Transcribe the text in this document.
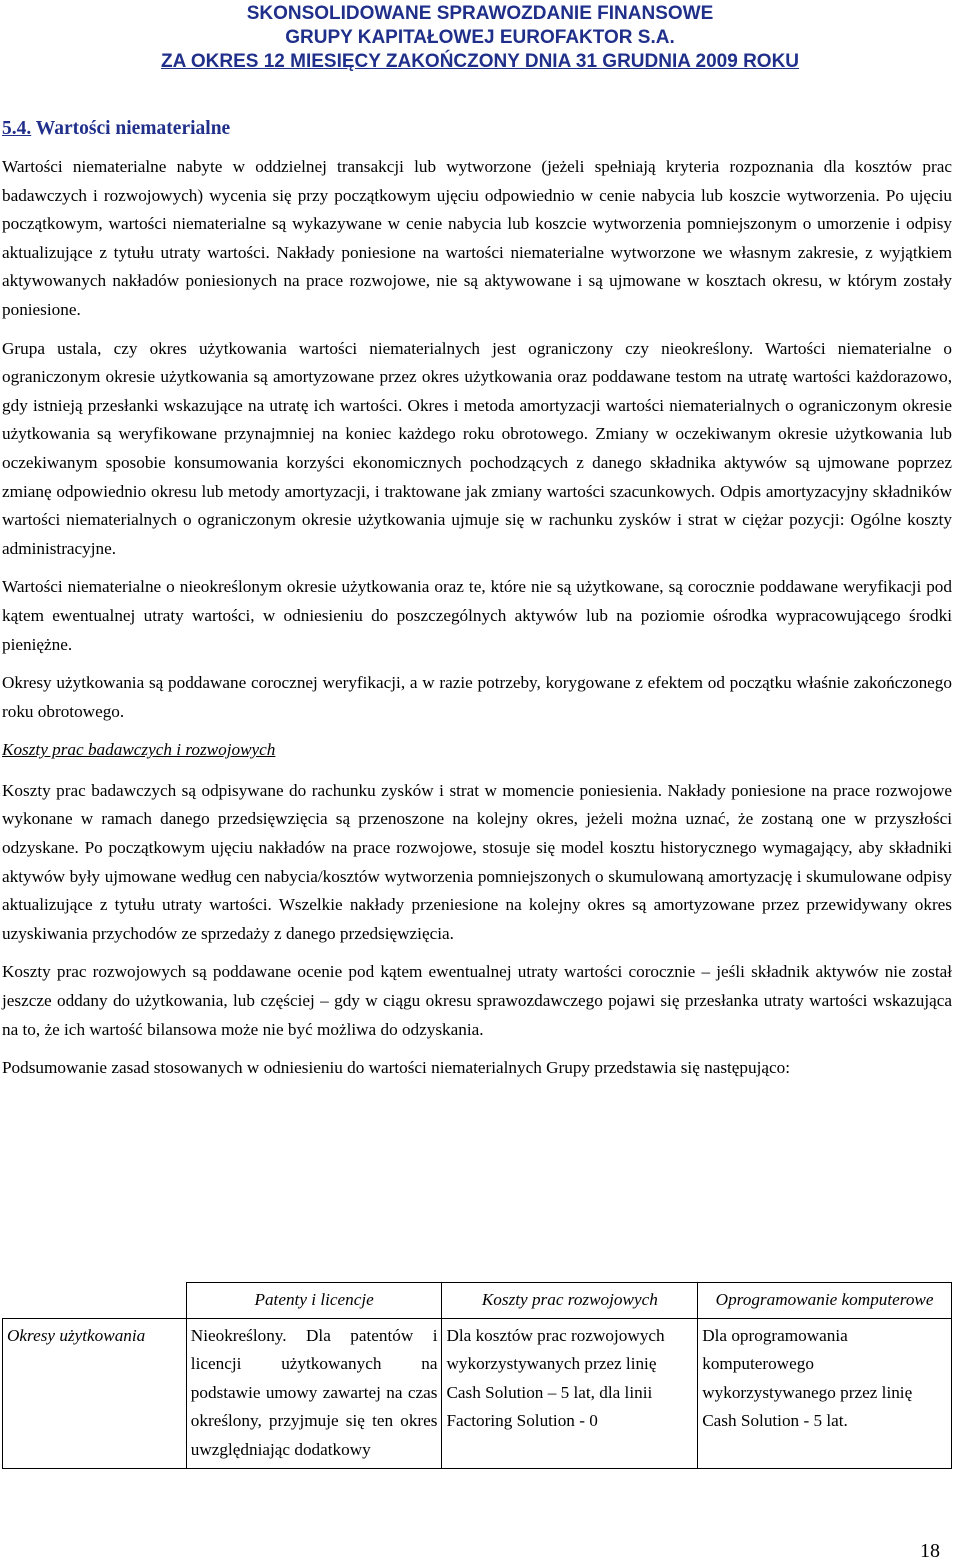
SKONSOLIDOWANE SPRAWOZDANIE FINANSOWE
GRUPY KAPITAŁOWEJ EUROFAKTOR S.A.
ZA OKRES 12 MIESIĘCY ZAKOŃCZONY DNIA 31 GRUDNIA 2009 ROKU
5.4. Wartości niematerialne

Wartości niematerialne nabyte w oddzielnej transakcji lub wytworzone (jeżeli spełniają kryteria rozpoznania dla kosztów prac badawczych i rozwojowych) wycenia się przy początkowym ujęciu odpowiednio w cenie nabycia lub koszcie wytworzenia. Po ujęciu początkowym, wartości niematerialne są wykazywane w cenie nabycia lub koszcie wytworzenia pomniejszonym o umorzenie i odpisy aktualizujące z tytułu utraty wartości. Nakłady poniesione na wartości niematerialne wytworzone we własnym zakresie, z wyjątkiem aktywowanych nakładów poniesionych na prace rozwojowe, nie są aktywowane i są ujmowane w kosztach okresu, w którym zostały poniesione.

Grupa ustala, czy okres użytkowania wartości niematerialnych jest ograniczony czy nieokreślony. Wartości niematerialne o ograniczonym okresie użytkowania są amortyzowane przez okres użytkowania oraz poddawane testom na utratę wartości każdorazowo, gdy istnieją przesłanki wskazujące na utratę ich wartości. Okres i metoda amortyzacji wartości niematerialnych o ograniczonym okresie użytkowania są weryfikowane przynajmniej na koniec każdego roku obrotowego. Zmiany w oczekiwanym okresie użytkowania lub oczekiwanym sposobie konsumowania korzyści ekonomicznych pochodzących z danego składnika aktywów są ujmowane poprzez zmianę odpowiednio okresu lub metody amortyzacji, i traktowane jak zmiany wartości szacunkowych. Odpis amortyzacyjny składników wartości niematerialnych o ograniczonym okresie użytkowania ujmuje się w rachunku zysków i strat w ciężar pozycji: Ogólne koszty administracyjne.

Wartości niematerialne o nieokreślonym okresie użytkowania oraz te, które nie są użytkowane, są corocznie poddawane weryfikacji pod kątem ewentualnej utraty wartości, w odniesieniu do poszczególnych aktywów lub na poziomie ośrodka wypracowującego środki pieniężne.

Okresy użytkowania są poddawane corocznej weryfikacji, a w razie potrzeby, korygowane z efektem od początku właśnie zakończonego roku obrotowego.

Koszty prac badawczych i rozwojowych

Koszty prac badawczych są odpisywane do rachunku zysków i strat w momencie poniesienia. Nakłady poniesione na prace rozwojowe wykonane w ramach danego przedsięwzięcia są przenoszone na kolejny okres, jeżeli można uznać, że zostaną one w przyszłości odzyskane. Po początkowym ujęciu nakładów na prace rozwojowe, stosuje się model kosztu historycznego wymagający, aby składniki aktywów były ujmowane według cen nabycia/kosztów wytworzenia pomniejszonych o skumulowaną amortyzację i skumulowane odpisy aktualizujące z tytułu utraty wartości. Wszelkie nakłady przeniesione na kolejny okres są amortyzowane przez przewidywany okres uzyskiwania przychodów ze sprzedaży z danego przedsięwzięcia.

Koszty prac rozwojowych są poddawane ocenie pod kątem ewentualnej utraty wartości corocznie – jeśli składnik aktywów nie został jeszcze oddany do użytkowania, lub częściej – gdy w ciągu okresu sprawozdawczego pojawi się przesłanka utraty wartości wskazująca na to, że ich wartość bilansowa może nie być możliwa do odzyskania.

Podsumowanie zasad stosowanych w odniesieniu do wartości niematerialnych Grupy przedstawia się następująco:

	Patenty i licencje	Koszty prac rozwojowych	Oprogramowanie komputerowe
Okresy użytkowania	Nieokreślony. Dla patentów i licencji użytkowanych na podstawie umowy zawartej na czas określony, przyjmuje się ten okres uwzględniając dodatkowy	Dla kosztów prac rozwojowych wykorzystywanych przez linię Cash Solution – 5 lat, dla linii Factoring Solution - 0	Dla oprogramowania komputerowego wykorzystywanego przez linię Cash Solution - 5 lat.
18
